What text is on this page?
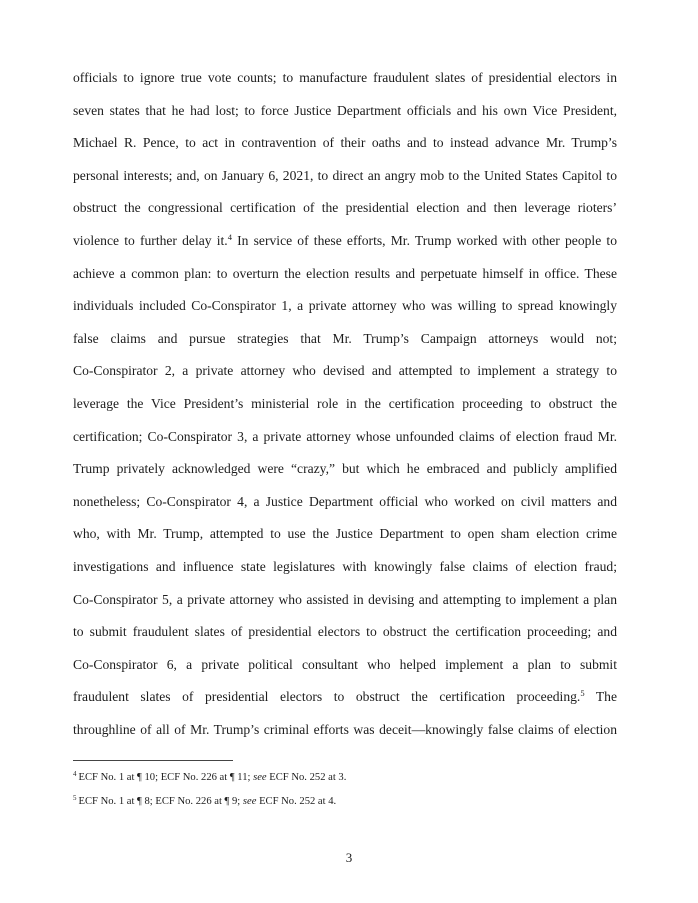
officials to ignore true vote counts; to manufacture fraudulent slates of presidential electors in
seven states that he had lost; to force Justice Department officials and his own Vice President,
Michael R. Pence, to act in contravention of their oaths and to instead advance Mr. Trump’s
personal interests; and, on January 6, 2021, to direct an angry mob to the United States Capitol to
obstruct the congressional certification of the presidential election and then leverage rioters’
violence to further delay it.$^4$ In service of these efforts, Mr. Trump worked with other people to
achieve a common plan: to overturn the election results and perpetuate himself in office. These
individuals included Co-Conspirator 1, a private attorney who was willing to spread knowingly
false claims and pursue strategies that Mr. Trump’s Campaign attorneys would not;
Co-Conspirator 2, a private attorney who devised and attempted to implement a strategy to
leverage the Vice President’s ministerial role in the certification proceeding to obstruct the
certification; Co-Conspirator 3, a private attorney whose unfounded claims of election fraud Mr.
Trump privately acknowledged were “crazy,” but which he embraced and publicly amplified
nonetheless; Co-Conspirator 4, a Justice Department official who worked on civil matters and
who, with Mr. Trump, attempted to use the Justice Department to open sham election crime
investigations and influence state legislatures with knowingly false claims of election fraud;
Co-Conspirator 5, a private attorney who assisted in devising and attempting to implement a plan
to submit fraudulent slates of presidential electors to obstruct the certification proceeding; and
Co-Conspirator 6, a private political consultant who helped implement a plan to submit
fraudulent slates of presidential electors to obstruct the certification proceeding.$^5$ The
throughline of all of Mr. Trump’s criminal efforts was deceit—knowingly false claims of election
$^4$ ECF No. 1 at ¶ 10; ECF No. 226 at ¶ 11; see ECF No. 252 at 3.
$^5$ ECF No. 1 at ¶ 8; ECF No. 226 at ¶ 9; see ECF No. 252 at 4.
3
